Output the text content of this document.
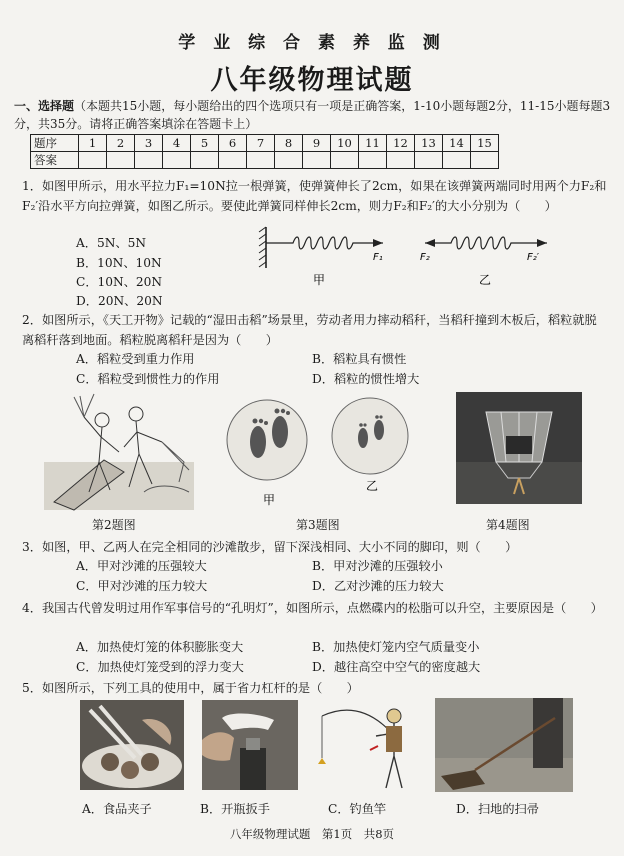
学 业 综 合 素 养 监 测
八年级物理试题
一、选择题（本题共15小题，每小题给出的四个选项只有一项是正确答案，1-10小题每题2分，11-15小题每题3分，共35分。请将正确答案填涂在答题卡上）
题序	1	2	3	4	5	6	7	8	9	10	11	12	13	14	15
答案															
1．如图甲所示，用水平拉力F₁=10N拉一根弹簧，使弹簧伸长了2cm，如果在该弹簧两端同时用两个力F₂和F₂′沿水平方向拉弹簧，如图乙所示。要使此弹簧同样伸长2cm，则力F₂和F₂′的大小分别为（　　）
A．5N、5N
B．10N、10N
C．10N、20N
D．20N、20N
F₁
甲
F₂	F₂′
乙
2．如图所示，《天工开物》记载的“湿田击稻”场景里，劳动者用力摔动稻秆，当稻秆撞到木板后，稻粒就脱离稻秆落到地面。稻粒脱离稻秆是因为（　　）
A．稻粒受到重力作用	B．稻粒具有惯性
C．稻粒受到惯性力的作用	D．稻粒的惯性增大
甲
乙
第2题图	第3题图	第4题图
3．如图，甲、乙两人在完全相同的沙滩散步，留下深浅相同、大小不同的脚印，则（　　）
A．甲对沙滩的压强较大	B．甲对沙滩的压强较小
C．甲对沙滩的压力较大	D．乙对沙滩的压力较大
4．我国古代曾发明过用作军事信号的“孔明灯”，如图所示，点燃碟内的松脂可以升空，主要原因是（　　）
A．加热使灯笼的体积膨胀变大	B．加热使灯笼内空气质量变小
C．加热使灯笼受到的浮力变大	D．越往高空中空气的密度越大
5．如图所示，下列工具的使用中，属于省力杠杆的是（　　）
A．食品夹子	B．开瓶扳手	C．钓鱼竿	D．扫地的扫帚
八年级物理试题　第1页　共8页
